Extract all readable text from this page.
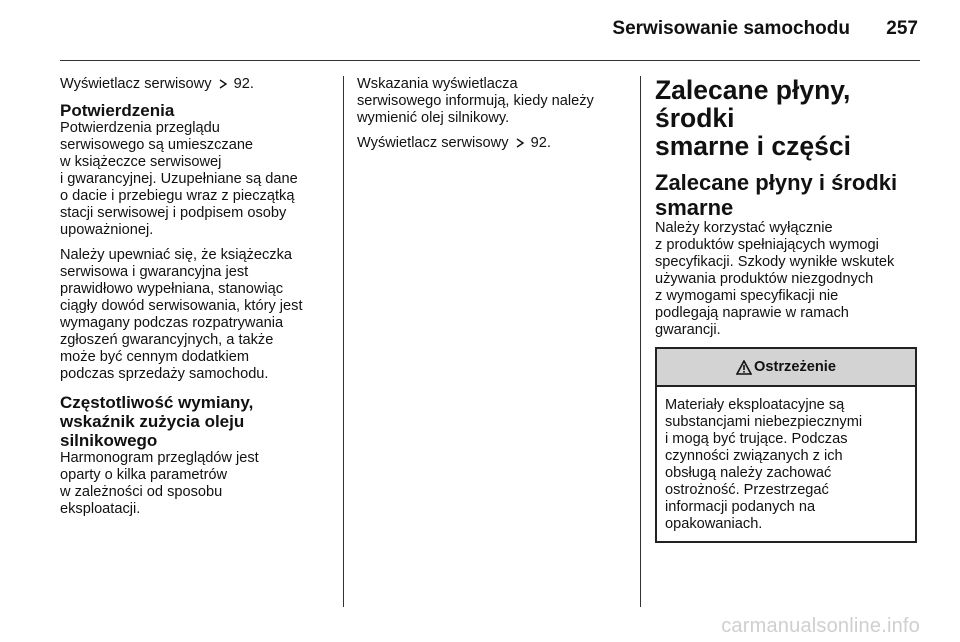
Serwisowanie samochodu	257

Wyświetlacz serwisowy 92.

Potwierdzenia

Potwierdzenia przeglądu
serwisowego są umieszczane
w książeczce serwisowej
i gwarancyjnej. Uzupełniane są dane
o dacie i przebiegu wraz z pieczątką
stacji serwisowej i podpisem osoby
upoważnionej.

Należy upewniać się, że książeczka
serwisowa i gwarancyjna jest
prawidłowo wypełniana, stanowiąc
ciągły dowód serwisowania, który jest
wymagany podczas rozpatrywania
zgłoszeń gwarancyjnych, a także
może być cennym dodatkiem
podczas sprzedaży samochodu.

Częstotliwość wymiany,
wskaźnik zużycia oleju
silnikowego

Harmonogram przeglądów jest
oparty o kilka parametrów
w zależności od sposobu
eksploatacji.

Wskazania wyświetlacza
serwisowego informują, kiedy należy
wymienić olej silnikowy.

Wyświetlacz serwisowy 92.

Zalecane płyny, środki
smarne i części
Zalecane płyny i środki
smarne

Należy korzystać wyłącznie
z produktów spełniających wymogi
specyfikacji. Szkody wynikłe wskutek
używania produktów niezgodnych
z wymogami specyfikacji nie
podlegają naprawie w ramach
gwarancji.

Ostrzeżenie
Materiały eksploatacyjne są
substancjami niebezpiecznymi
i mogą być trujące. Podczas
czynności związanych z ich
obsługą należy zachować
ostrożność. Przestrzegać
informacji podanych na
opakowaniach.
carmanualsonline.info
